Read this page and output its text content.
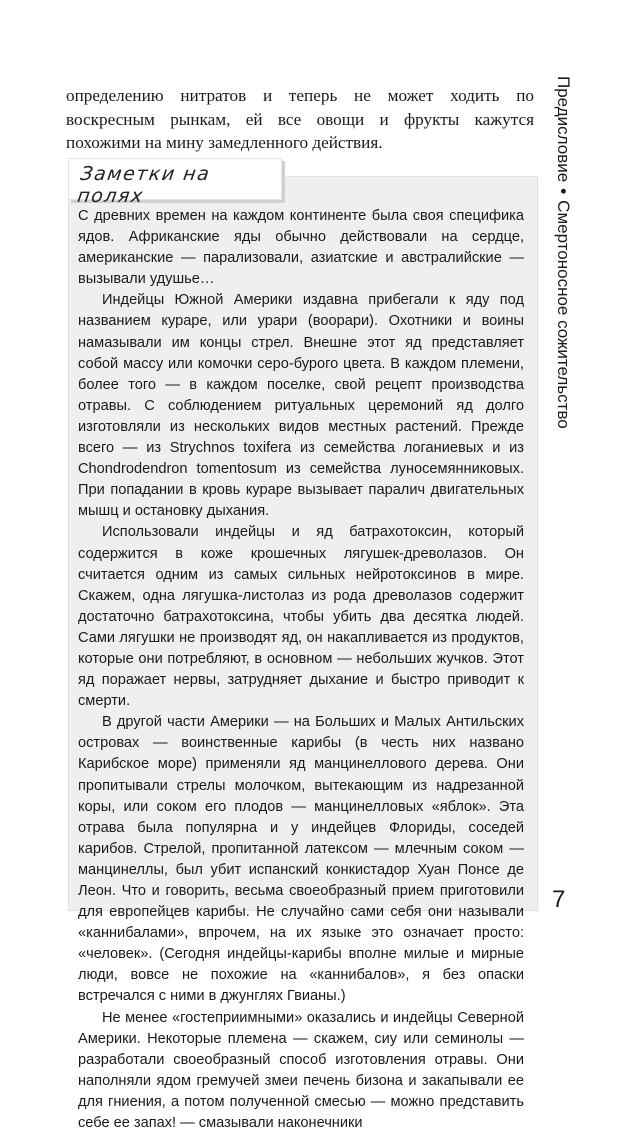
определению нитратов и теперь не может ходить по воскресным рынкам, ей все овощи и фрукты кажутся похожими на мину замедленного действия.

Заметки на полях

С древних времен на каждом континенте была своя специфика ядов. Африканские яды обычно действовали на сердце, американские — парализовали, азиатские и австралийские — вызывали удушье…

Индейцы Южной Америки издавна прибегали к яду под названием кураре, или урари (воорари). Охотники и воины намазывали им концы стрел. Внешне этот яд представляет собой массу или комочки серо-бурого цвета. В каждом племени, более того — в каждом поселке, свой рецепт производства отравы. С соблюдением ритуальных церемоний яд долго изготовляли из нескольких видов местных растений. Прежде всего — из Strychnos toxifera из семейства логаниевых и из Chondrodendron tomentosum из семейства луносемянниковых. При попадании в кровь кураре вызывает паралич двигательных мышц и остановку дыхания.

Использовали индейцы и яд батрахотоксин, который содержится в коже крошечных лягушек-древолазов. Он считается одним из самых сильных нейротоксинов в мире. Скажем, одна лягушка-листолаз из рода древолазов содержит достаточно батрахотоксина, чтобы убить два десятка людей. Сами лягушки не производят яд, он накапливается из продуктов, которые они потребляют, в основном — небольших жучков. Этот яд поражает нервы, затрудняет дыхание и быстро приводит к смерти.

В другой части Америки — на Больших и Малых Антильских островах — воинственные карибы (в честь них названо Карибское море) применяли яд манцинеллового дерева. Они пропитывали стрелы молочком, вытекающим из надрезанной коры, или соком его плодов — манцинелловых «яблок». Эта отрава была популярна и у индейцев Флориды, соседей карибов. Стрелой, пропитанной латексом — млечным соком — манцинеллы, был убит испанский конкистадор Хуан Понсе де Леон. Что и говорить, весьма своеобразный прием приготовили для европейцев карибы. Не случайно сами себя они называли «каннибалами», впрочем, на их языке это означает просто: «человек». (Сегодня индейцы-карибы вполне милые и мирные люди, вовсе не похожие на «каннибалов», я без опаски встречался с ними в джунглях Гвианы.)

Не менее «гостеприимными» оказались и индейцы Северной Америки. Некоторые племена — скажем, сиу или семинолы — разработали своеобразный способ изготовления отравы. Они наполняли ядом гремучей змеи печень бизона и закапывали ее для гниения, а потом полученной смесью — можно представить себе ее запах! — смазывали наконечники

Предисловие•Смертоносное сожительство
7
